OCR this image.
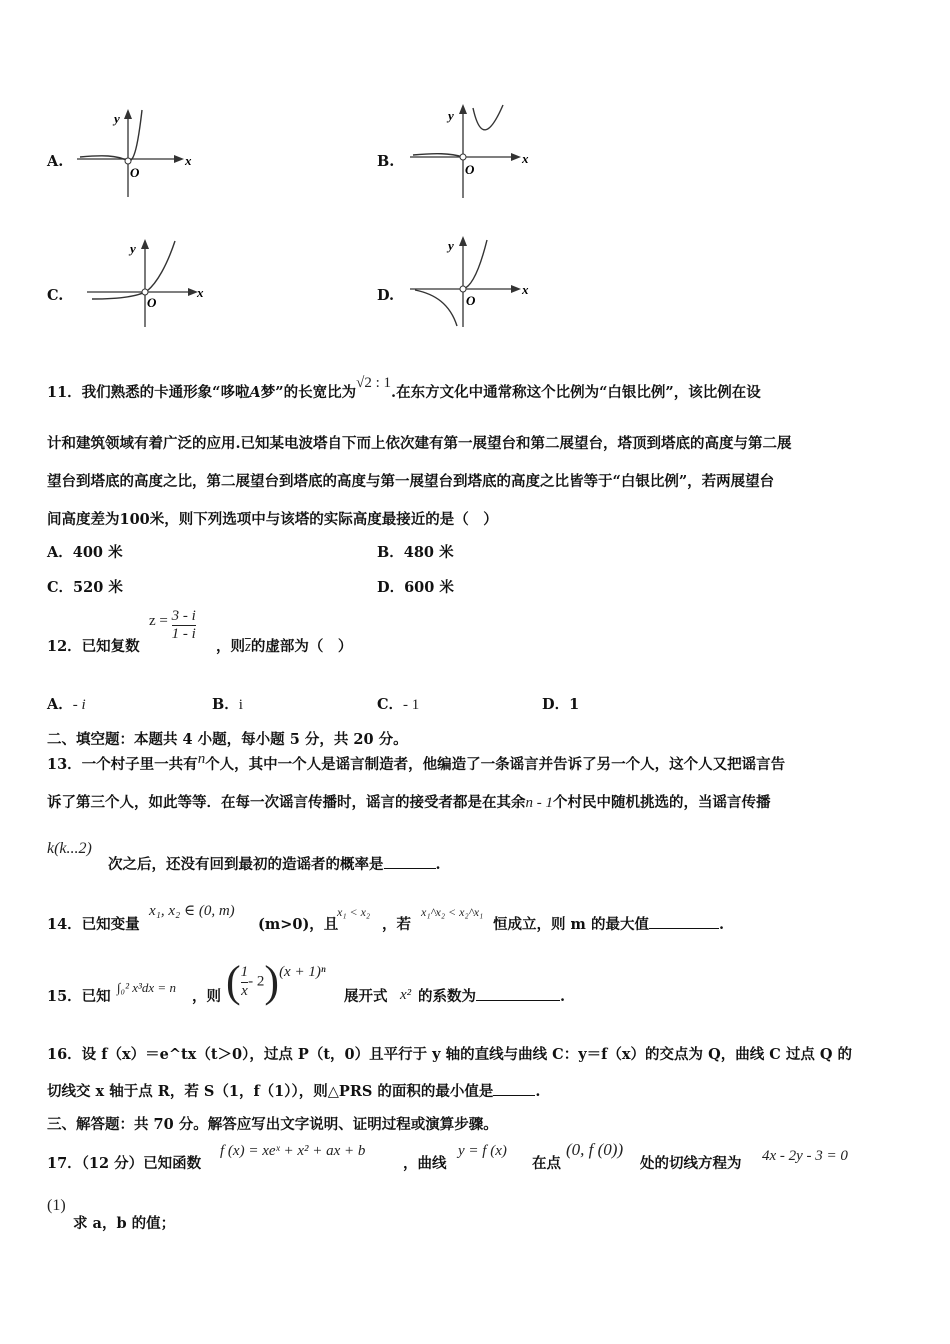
A.
y
x
O
B.
y
x
O
C.
y
x
O	D.
y
x
O
11．我们熟悉的卡通形象“哆啦A梦”的长宽比为√2 : 1.在东方文化中通常称这个比例为“白银比例”，该比例在设
计和建筑领域有着广泛的应用.已知某电波塔自下而上依次建有第一展望台和第二展望台，塔顶到塔底的高度与第二展
望台到塔底的高度之比，第二展望台到塔底的高度与第一展望台到塔底的高度之比皆等于“白银比例”，若两展望台
间高度差为100米，则下列选项中与该塔的实际高度最接近的是（　）
A．400 米	B．480 米
C．520 米	D．600 米
12．已知复数
$z = \frac{3 - i}{1 - i}$
，则$\overline{z}$的虚部为（　）
A．- i	B．i	C．- 1	D．1
二、填空题：本题共 4 小题，每小题 5 分，共 20 分。
13．一个村子里一共有n个人，其中一个人是谣言制造者，他编造了一条谣言并告诉了另一个人，这个人又把谣言告
诉了第三个人，如此等等．在每一次谣言传播时，谣言的接受者都是在其余n - 1个村民中随机挑选的，当谣言传播
k(k...2)
次之后，还没有回到最初的造谣者的概率是	.
14．已知变量
x₁, x₂ ∈ (0, m)
(m>0)，且
x₁ < x₂
，若
x₁^x₂ < x₂^x₁
恒成立，则 m 的最大值	.
15．已知
∫₀² x³dx = n
，则 ( $\frac{1}{x} - 2)(x + 1)^n$
展开式 x² 的系数为	.
16．设 f（x）＝e^tx（t＞0），过点 P（t，0）且平行于 y 轴的直线与曲线 C：y＝f（x）的交点为 Q，曲线 C 过点 Q 的
切线交 x 轴于点 R，若 S（1，f（1）），则△PRS 的面积的最小值是	.
三、解答题：共 70 分。解答应写出文字说明、证明过程或演算步骤。
17．（12 分）已知函数
f (x) = xeˣ + x² + ax + b
，曲线
y = f (x)
在点
(0, f (0))
处的切线方程为 4x - 2y - 3 = 0
(1)
求 a，b 的值；
